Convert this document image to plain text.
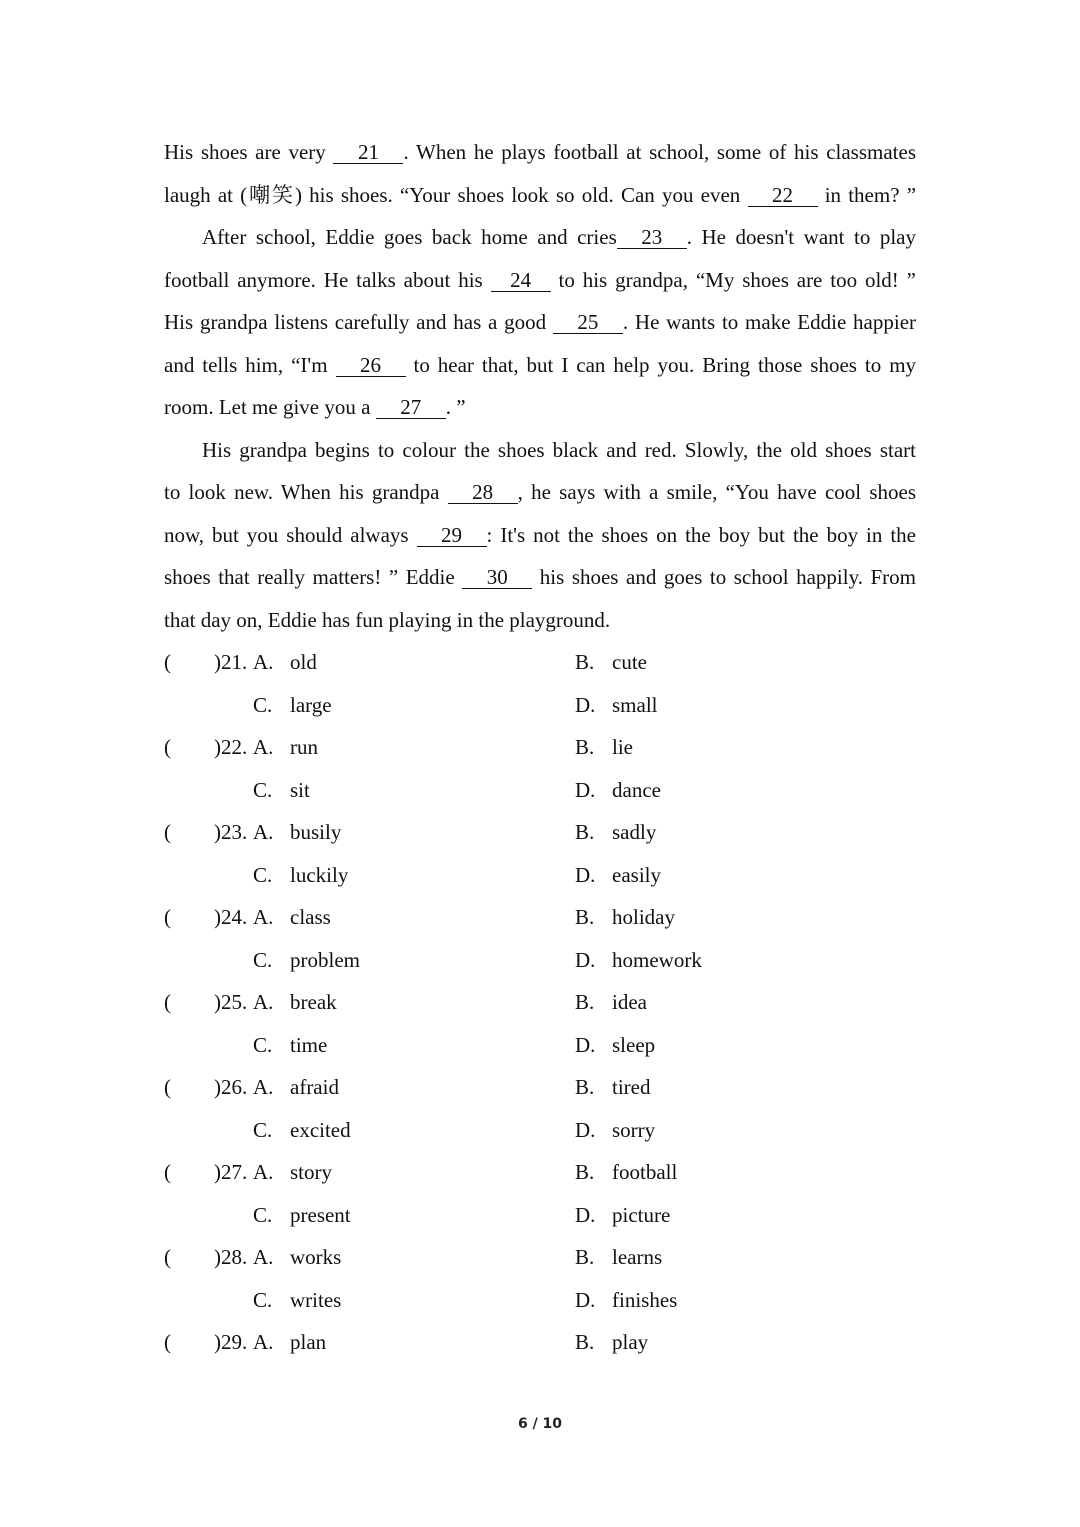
His shoes are very 21 . When he plays football at school, some of his classmates
laugh at (嘲笑) his shoes. “Your shoes look so old. Can you even 22 in them? ”
After school, Eddie goes back home and cries 23 . He doesn't want to play
football anymore. He talks about his 24 to his grandpa, “My shoes are too old! ”
His grandpa listens carefully and has a good 25 . He wants to make Eddie happier
and tells him, “I'm 26 to hear that, but I can help you. Bring those shoes to my
room. Let me give you a 27 . ”
His grandpa begins to colour the shoes black and red. Slowly, the old shoes start
to look new. When his grandpa 28 , he says with a smile, “You have cool shoes
now, but you should always 29 : It's not the shoes on the boy but the boy in the
shoes that really matters! ” Eddie 30 his shoes and goes to school happily. From
that day on, Eddie has fun playing in the playground.
( )21. A. old	B. cute
C. large	D. small
( )22. A. run	B. lie
C. sit	D. dance
( )23. A. busily	B. sadly
C. luckily	D. easily
( )24. A. class	B. holiday
C. problem	D. homework
( )25. A. break	B. idea
C. time	D. sleep
( )26. A. afraid	B. tired
C. excited	D. sorry
( )27. A. story	B. football
C. present	D. picture
( )28. A. works	B. learns
C. writes	D. finishes
( )29. A. plan	B. play
6 / 10
